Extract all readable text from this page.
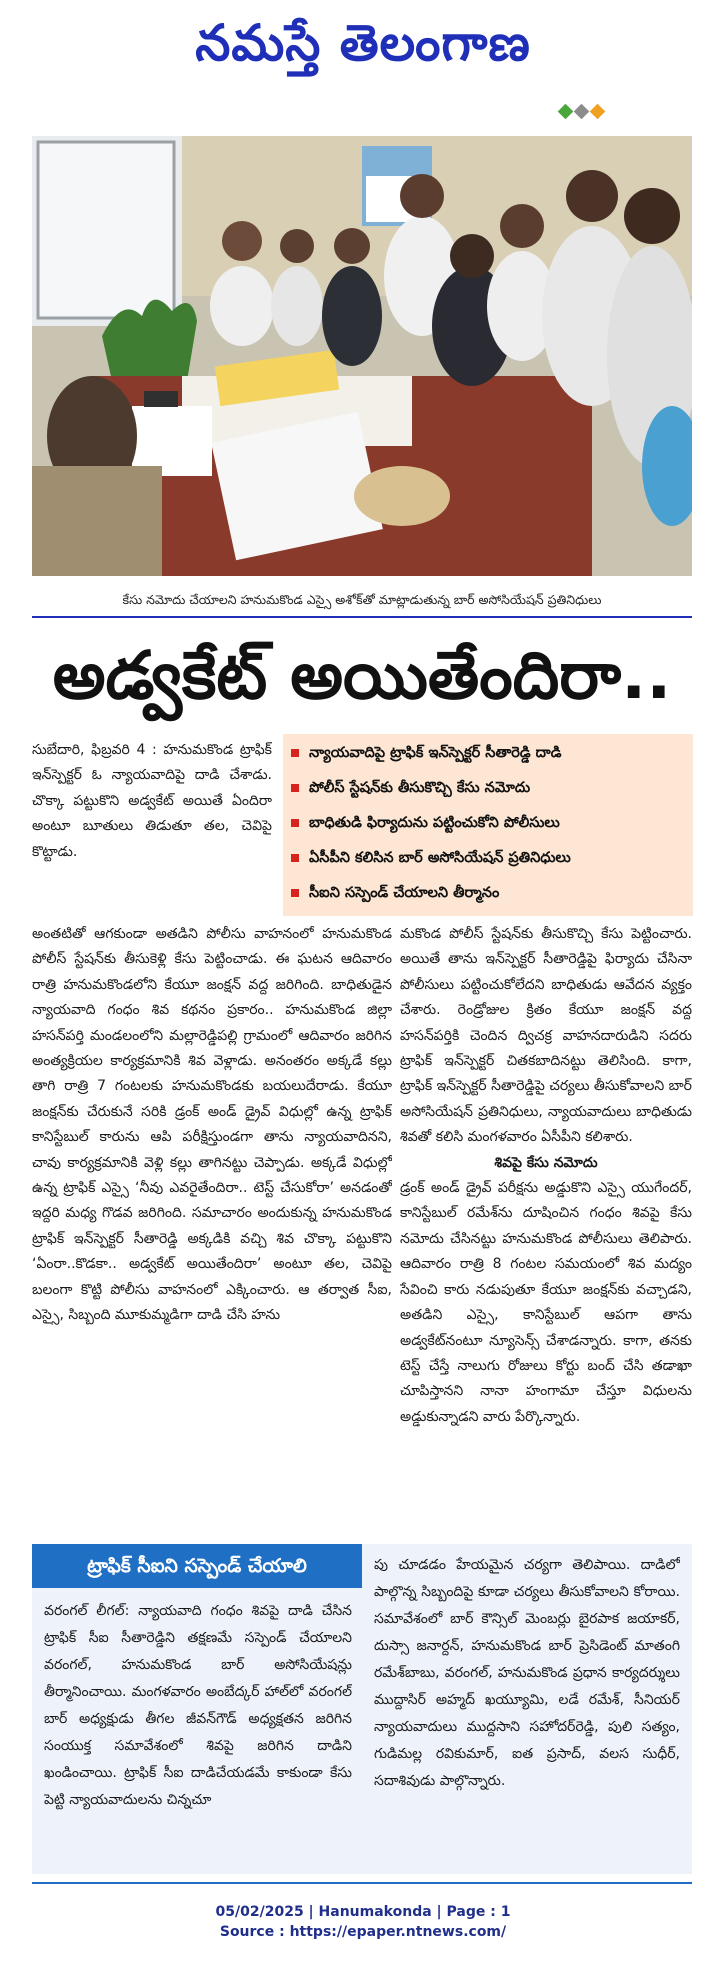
నమస్తే తెలంగాణ
కేసు నమోదు చేయాలని హనుమకొండ ఎస్సై అశోక్‌తో మాట్లాడుతున్న బార్ అసోసియేషన్ ప్రతినిధులు
అడ్వకేట్ అయితేందిరా..
న్యాయవాదిపై ట్రాఫిక్ ఇన్‌స్పెక్టర్ సీతారెడ్డి దాడి
పోలీస్ స్టేషన్‌కు తీసుకొచ్చి కేసు నమోదు
బాధితుడి ఫిర్యాదును పట్టించుకోని పోలీసులు
ఏసీపీని కలిసిన బార్ అసోసియేషన్ ప్రతినిధులు
సీఐని సస్పెండ్ చేయాలని తీర్మానం

సుబేదారి, ఫిబ్రవరి 4 : హనుమకొండ ట్రాఫిక్ ఇన్‌స్పెక్టర్ ఓ న్యాయవాదిపై దాడి చేశాడు. చొక్కా పట్టుకొని అడ్వకేట్ అయితే ఏందిరా అంటూ బూతులు తిడుతూ తల, చెవిపై కొట్టాడు.

అంతటితో ఆగకుండా అతడిని పోలీసు వాహనంలో హనుమకొండ పోలీస్ స్టేషన్‌కు తీసుకెళ్లి కేసు పెట్టించాడు. ఈ ఘటన ఆదివారం రాత్రి హనుమకొండలోని కేయూ జంక్షన్ వద్ద జరిగింది. బాధితుడైన న్యాయవాది గంధం శివ కథనం ప్రకారం.. హనుమకొండ జిల్లా హసన్‌పర్తి మండలంలోని మల్లారెడ్డిపల్లి గ్రామంలో ఆదివారం జరిగిన అంత్యక్రియల కార్యక్రమానికి శివ వెళ్లాడు. అనంతరం అక్కడే కల్లు తాగి రాత్రి 7 గంటలకు హనుమకొండకు బయలుదేరాడు. కేయూ జంక్షన్‌కు చేరుకునే సరికి డ్రంక్ అండ్ డ్రైవ్ విధుల్లో ఉన్న ట్రాఫిక్ కానిస్టేబుల్ కారును ఆపి పరీక్షిస్తుండగా తాను న్యాయవాదినని, చావు కార్యక్రమానికి వెళ్లి కల్లు తాగినట్టు చెప్పాడు. అక్కడే విధుల్లో ఉన్న ట్రాఫిక్ ఎస్సై ‘నీవు ఎవరైతేందిరా.. టెస్ట్ చేసుకోరా’ అనడంతో ఇద్దరి మధ్య గొడవ జరిగింది. సమాచారం అందుకున్న హనుమకొండ ట్రాఫిక్ ఇన్‌స్పెక్టర్ సీతారెడ్డి అక్కడికి వచ్చి శివ చొక్కా పట్టుకొని ‘ఏంరా..కొడకా.. అడ్వకేట్ అయితేందిరా’ అంటూ తల, చెవిపై బలంగా కొట్టి పోలీసు వాహనంలో ఎక్కించారు. ఆ తర్వాత సీఐ, ఎస్సై, సిబ్బంది మూకుమ్మడిగా దాడి చేసి హను

మకొండ పోలీస్ స్టేషన్‌కు తీసుకొచ్చి కేసు పెట్టించారు. అయితే తాను ఇన్‌స్పెక్టర్ సీతారెడ్డిపై ఫిర్యాదు చేసినా పోలీసులు పట్టించుకోలేదని బాధితుడు ఆవేదన వ్యక్తం చేశారు. రెండ్రోజుల క్రితం కేయూ జంక్షన్ వద్ద హసన్‌పర్తికి చెందిన ద్విచక్ర వాహనదారుడిని సదరు ట్రాఫిక్ ఇన్‌స్పెక్టర్ చితకబాదినట్టు తెలిసింది. కాగా, ట్రాఫిక్ ఇన్‌స్పెక్టర్ సీతారెడ్డిపై చర్యలు తీసుకోవాలని బార్ అసోసియేషన్ ప్రతినిధులు, న్యాయవాదులు బాధితుడు శివతో కలిసి మంగళవారం ఏసీపీని కలిశారు.

శివపై కేసు నమోదు

డ్రంక్ అండ్ డ్రైవ్ పరీక్షను అడ్డుకొని ఎస్సై యుగేందర్, కానిస్టేబుల్ రమేశ్‌ను దూషించిన గంధం శివపై కేసు నమోదు చేసినట్టు హనుమకొండ పోలీసులు తెలిపారు. ఆదివారం రాత్రి 8 గంటల సమయంలో శివ మద్యం సేవించి కారు నడుపుతూ కేయూ జంక్షన్‌కు వచ్చాడని, అతడిని ఎస్సై, కానిస్టేబుల్ ఆపగా తాను అడ్వకేట్‌నంటూ న్యూసెన్స్ చేశాడన్నారు. కాగా, తనకు టెస్ట్ చేస్తే నాలుగు రోజులు కోర్టు బంద్ చేసి తడాఖా చూపిస్తానని నానా హంగామా చేస్తూ విధులను అడ్డుకున్నాడని వారు పేర్కొన్నారు.

ట్రాఫిక్ సీఐని సస్పెండ్ చేయాలి
వరంగల్ లీగల్: న్యాయవాది గంధం శివపై దాడి చేసిన ట్రాఫిక్ సీఐ సీతారెడ్డిని తక్షణమే సస్పెండ్ చేయాలని వరంగల్, హనుమకొండ బార్ అసోసియేషన్లు తీర్మానించాయి. మంగళవారం అంబేద్కర్ హాల్‌లో వరంగల్ బార్ అధ్యక్షుడు తీగల జీవన్‌గౌడ్ అధ్యక్షతన జరిగిన సంయుక్త సమావేశంలో శివపై జరిగిన దాడిని ఖండించాయి. ట్రాఫిక్ సీఐ దాడిచేయడమే కాకుండా కేసు పెట్టి న్యాయవాదులను చిన్నచూ
పు చూడడం హేయమైన చర్యగా తెలిపాయి. దాడిలో పాల్గొన్న సిబ్బందిపై కూడా చర్యలు తీసుకోవాలని కోరాయి. సమావేశంలో బార్ కౌన్సిల్ మెంబర్లు బైరపాక జయాకర్, దుస్సా జనార్దన్, హనుమకొండ బార్ ప్రెసిడెంట్ మాతంగి రమేశ్‌బాబు, వరంగల్, హనుమకొండ ప్రధాన కార్యదర్శులు ముద్దాసిర్ అహ్మద్ ఖయ్యూమి, లడే రమేశ్, సీనియర్ న్యాయవాదులు ముద్దసాని సహోదర్‌రెడ్డి, పులి సత్యం, గుడిమల్ల రవికుమార్, ఐత ప్రసాద్, వలస సుధీర్, సదాశివుడు పాల్గొన్నారు.
05/02/2025 | Hanumakonda | Page : 1
Source : https://epaper.ntnews.com/
